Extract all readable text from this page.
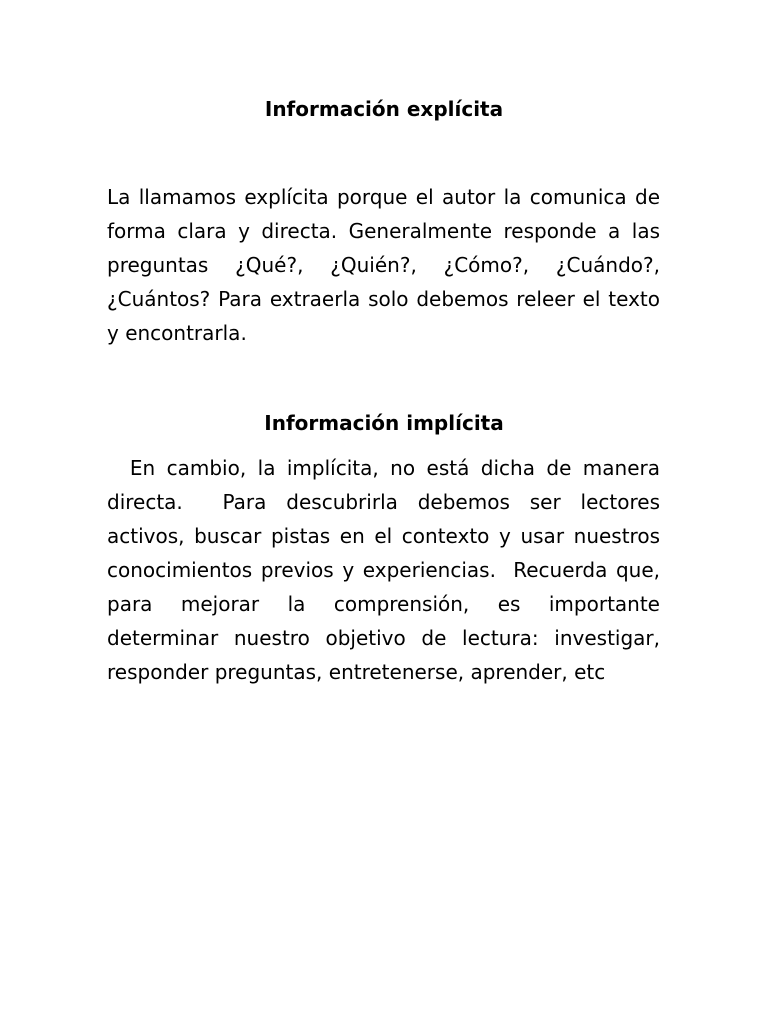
Información explícita

La llamamos explícita porque el autor la comunica de forma clara y directa. Generalmente responde a las preguntas ¿Qué?, ¿Quién?, ¿Cómo?, ¿Cuándo?, ¿Cuántos? Para extraerla solo debemos releer el texto y encontrarla.

Información implícita

En cambio, la implícita, no está dicha de manera directa.  Para descubrirla debemos ser lectores activos, buscar pistas en el contexto y usar nuestros conocimientos previos y experiencias.  Recuerda que, para mejorar la comprensión, es importante determinar nuestro objetivo de lectura: investigar, responder preguntas, entretenerse, aprender, etc
